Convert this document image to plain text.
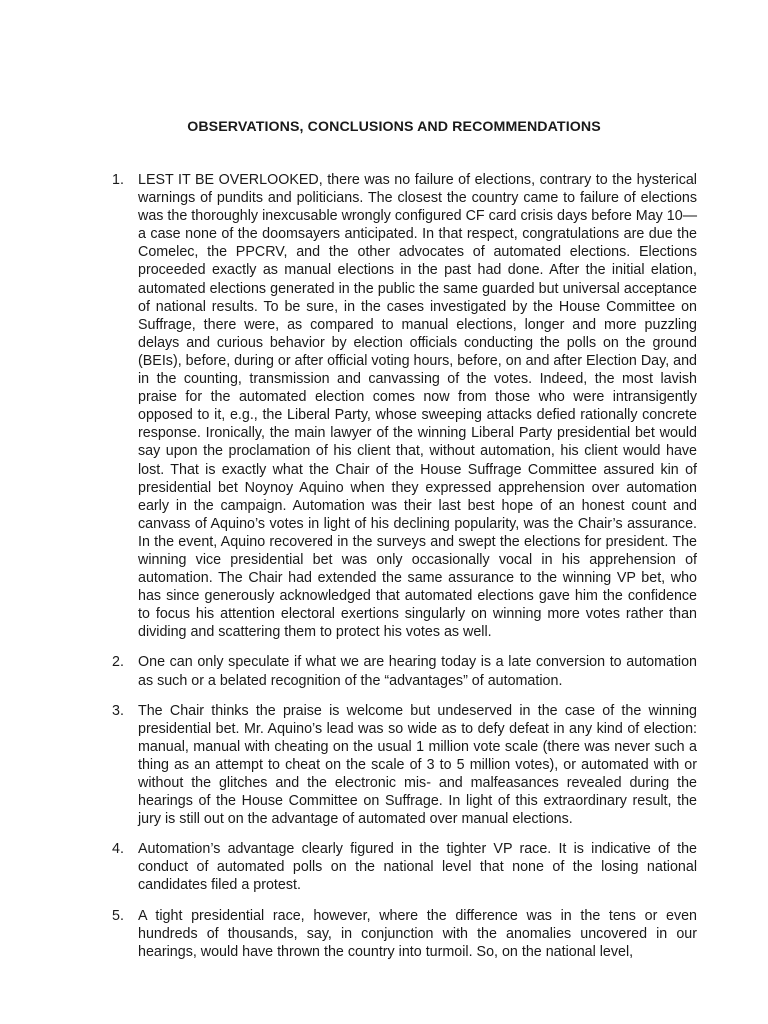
OBSERVATIONS, CONCLUSIONS AND RECOMMENDATIONS
1. LEST IT BE OVERLOOKED, there was no failure of elections, contrary to the hysterical warnings of pundits and politicians. The closest the country came to failure of elections was the thoroughly inexcusable wrongly configured CF card crisis days before May 10—a case none of the doomsayers anticipated. In that respect, congratulations are due the Comelec, the PPCRV, and the other advocates of automated elections. Elections proceeded exactly as manual elections in the past had done. After the initial elation, automated elections generated in the public the same guarded but universal acceptance of national results. To be sure, in the cases investigated by the House Committee on Suffrage, there were, as compared to manual elections, longer and more puzzling delays and curious behavior by election officials conducting the polls on the ground (BEIs), before, during or after official voting hours, before, on and after Election Day, and in the counting, transmission and canvassing of the votes. Indeed, the most lavish praise for the automated election comes now from those who were intransigently opposed to it, e.g., the Liberal Party, whose sweeping attacks defied rationally concrete response. Ironically, the main lawyer of the winning Liberal Party presidential bet would say upon the proclamation of his client that, without automation, his client would have lost. That is exactly what the Chair of the House Suffrage Committee assured kin of presidential bet Noynoy Aquino when they expressed apprehension over automation early in the campaign. Automation was their last best hope of an honest count and canvass of Aquino’s votes in light of his declining popularity, was the Chair’s assurance. In the event, Aquino recovered in the surveys and swept the elections for president. The winning vice presidential bet was only occasionally vocal in his apprehension of automation. The Chair had extended the same assurance to the winning VP bet, who has since generously acknowledged that automated elections gave him the confidence to focus his attention electoral exertions singularly on winning more votes rather than dividing and scattering them to protect his votes as well.
2. One can only speculate if what we are hearing today is a late conversion to automation as such or a belated recognition of the “advantages” of automation.
3. The Chair thinks the praise is welcome but undeserved in the case of the winning presidential bet. Mr. Aquino’s lead was so wide as to defy defeat in any kind of election: manual, manual with cheating on the usual 1 million vote scale (there was never such a thing as an attempt to cheat on the scale of 3 to 5 million votes), or automated with or without the glitches and the electronic mis- and malfeasances revealed during the hearings of the House Committee on Suffrage. In light of this extraordinary result, the jury is still out on the advantage of automated over manual elections.
4. Automation’s advantage clearly figured in the tighter VP race. It is indicative of the conduct of automated polls on the national level that none of the losing national candidates filed a protest.
5. A tight presidential race, however, where the difference was in the tens or even hundreds of thousands, say, in conjunction with the anomalies uncovered in our hearings, would have thrown the country into turmoil. So, on the national level,
